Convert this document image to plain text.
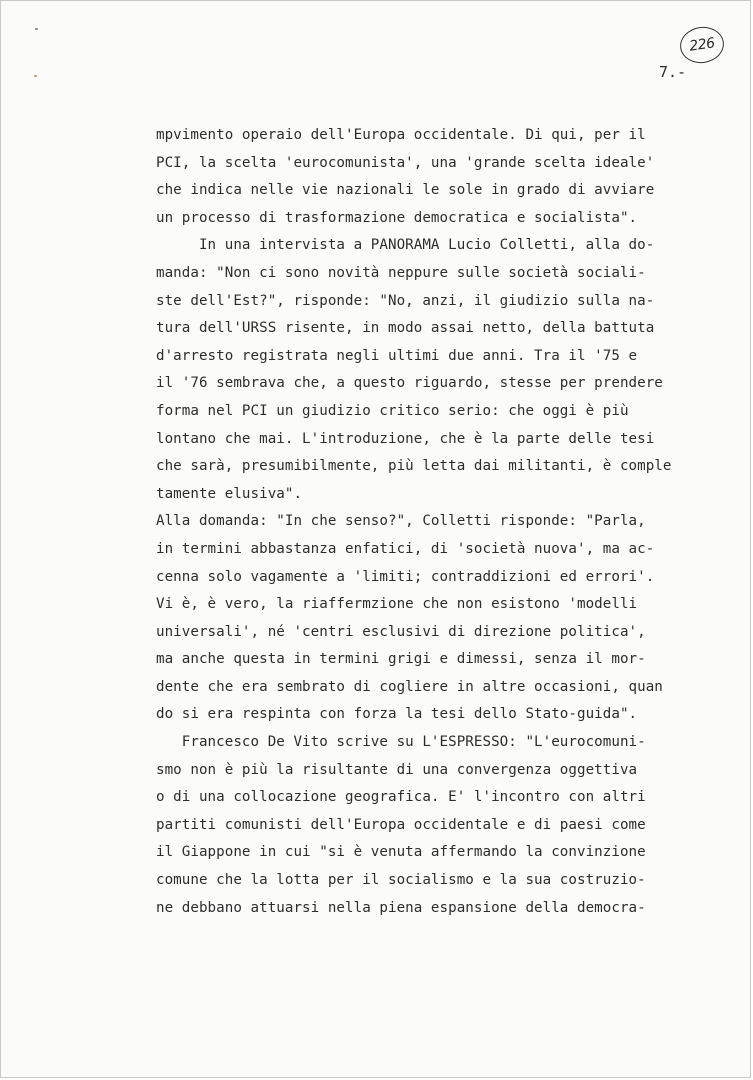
226
7.-
mpvimento operaio dell'Europa occidentale. Di qui, per il
PCI, la scelta 'eurocomunista', una 'grande scelta ideale'
che indica nelle vie nazionali le sole in grado di avviare
un processo di trasformazione democratica e socialista".
In una intervista a PANORAMA Lucio Colletti, alla do-
manda: "Non ci sono novità neppure sulle società sociali-
ste dell'Est?", risponde: "No, anzi, il giudizio sulla na-
tura dell'URSS risente, in modo assai netto, della battuta
d'arresto registrata negli ultimi due anni. Tra il '75 e
il '76 sembrava che, a questo riguardo, stesse per prendere
forma nel PCI un giudizio critico serio: che oggi è più
lontano che mai. L'introduzione, che è la parte delle tesi
che sarà, presumibilmente, più letta dai militanti, è comple
tamente elusiva".
Alla domanda: "In che senso?", Colletti risponde: "Parla,
in termini abbastanza enfatici, di 'società nuova', ma ac-
cenna solo vagamente a 'limiti; contraddizioni ed errori'.
Vi è, è vero, la riaffermzione che non esistono 'modelli
universali', né 'centri esclusivi di direzione politica',
ma anche questa in termini grigi e dimessi, senza il mor-
dente che era sembrato di cogliere in altre occasioni, quan
do si era respinta con forza la tesi dello Stato-guida".
Francesco De Vito scrive su L'ESPRESSO: "L'eurocomuni-
smo non è più la risultante di una convergenza oggettiva
o di una collocazione geografica. E' l'incontro con altri
partiti comunisti dell'Europa occidentale e di paesi come
il Giappone in cui "si è venuta affermando la convinzione
comune che la lotta per il socialismo e la sua costruzio-
ne debbano attuarsi nella piena espansione della democra-
